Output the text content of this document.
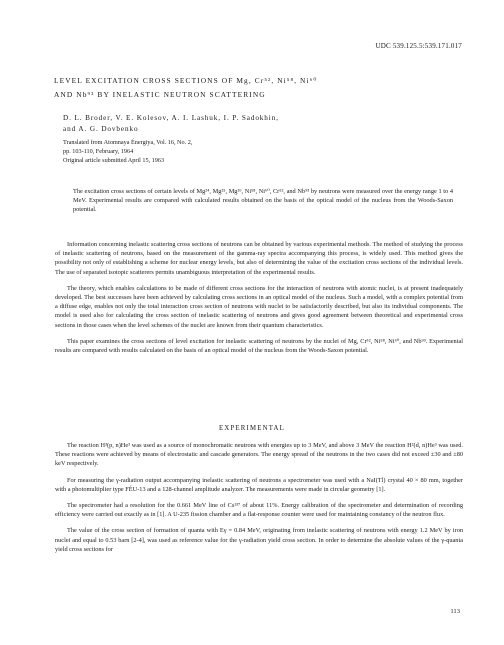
UDC 539.125.5:539.171.017
LEVEL EXCITATION CROSS SECTIONS OF Mg, Cr⁵², Ni⁵⁸, Ni⁶⁰
AND Nb⁹³ BY INELASTIC NEUTRON SCATTERING
D. L. Broder, V. E. Kolesov, A. I. Lashuk, I. P. Sadokhin,
and A. G. Dovbenko
Translated from Atomnaya Énergiya, Vol. 16, No. 2,
pp. 103-110, February, 1964
Original article submitted April 15, 1963
The excitation cross sections of certain levels of Mg²⁴, Mg²⁵, Mg²⁶, Ni⁵⁸, Ni⁶⁰, Cr⁵², and Nb⁹³ by neutrons were measured over the energy range 1 to 4 MeV. Experimental results are compared with calculated results obtained on the basis of the optical model of the nucleus from the Woods-Saxon potential.

Information concerning inelastic scattering cross sections of neutrons can be obtained by various experimental methods. The method of studying the process of inelastic scattering of neutrons, based on the measurement of the gamma-ray spectra accompanying this process, is widely used. This method gives the possibility not only of establishing a scheme for nuclear energy levels, but also of determining the value of the excitation cross sections of the individual levels. The use of separated isotopic scatterers permits unambiguous interpretation of the experimental results.

The theory, which enables calculations to be made of different cross sections for the interaction of neutrons with atomic nuclei, is at present inadequately developed. The best successes have been achieved by calculating cross sections in an optical model of the nucleus. Such a model, with a complex potential from a diffuse edge, enables not only the total interaction cross section of neutrons with nuclei to be satisfactorily described, but also its individual components. The model is used also for calculating the cross section of inelastic scattering of neutrons and gives good agreement between theoretical and experimental cross sections in those cases when the level schemes of the nuclei are known from their quantum characteristics.

This paper examines the cross sections of level excitation for inelastic scattering of neutrons by the nuclei of Mg, Cr⁵², Ni⁵⁸, Ni⁶⁰, and Nb⁹³. Experimental results are compared with results calculated on the basis of an optical model of the nucleus from the Woods-Saxon potential.

EXPERIMENTAL

The reaction H³(p, n)He³ was used as a source of monochromatic neutrons with energies up to 3 MeV, and above 3 MeV the reaction H²(d, n)He³ was used. These reactions were achieved by means of electrostatic and cascade generators. The energy spread of the neutrons in the two cases did not exceed ±30 and ±80 keV respectively.

For measuring the γ-radiation output accompanying inelastic scattering of neutrons a spectrometer was used with a NaI(Tl) crystal 40 × 80 mm, together with a photomultiplier type FÉU-13 and a 128-channel amplitude analyzer. The measurements were made in circular geometry [1].

The spectrometer had a resolution for the 0.661 MeV line of Cs¹³⁷ of about 11%. Energy calibration of the spectrometer and determination of recording efficiency were carried out exactly as in [1]. A U-235 fission chamber and a flat-response counter were used for maintaining constancy of the neutron flux.

The value of the cross section of formation of quanta with Eγ = 0.84 MeV, originating from inelastic scattering of neutrons with energy 1.2 MeV by iron nuclei and equal to 0.53 barn [2-4], was used as reference value for the γ-radiation yield cross section. In order to determine the absolute values of the γ-quanta yield cross sections for

113
